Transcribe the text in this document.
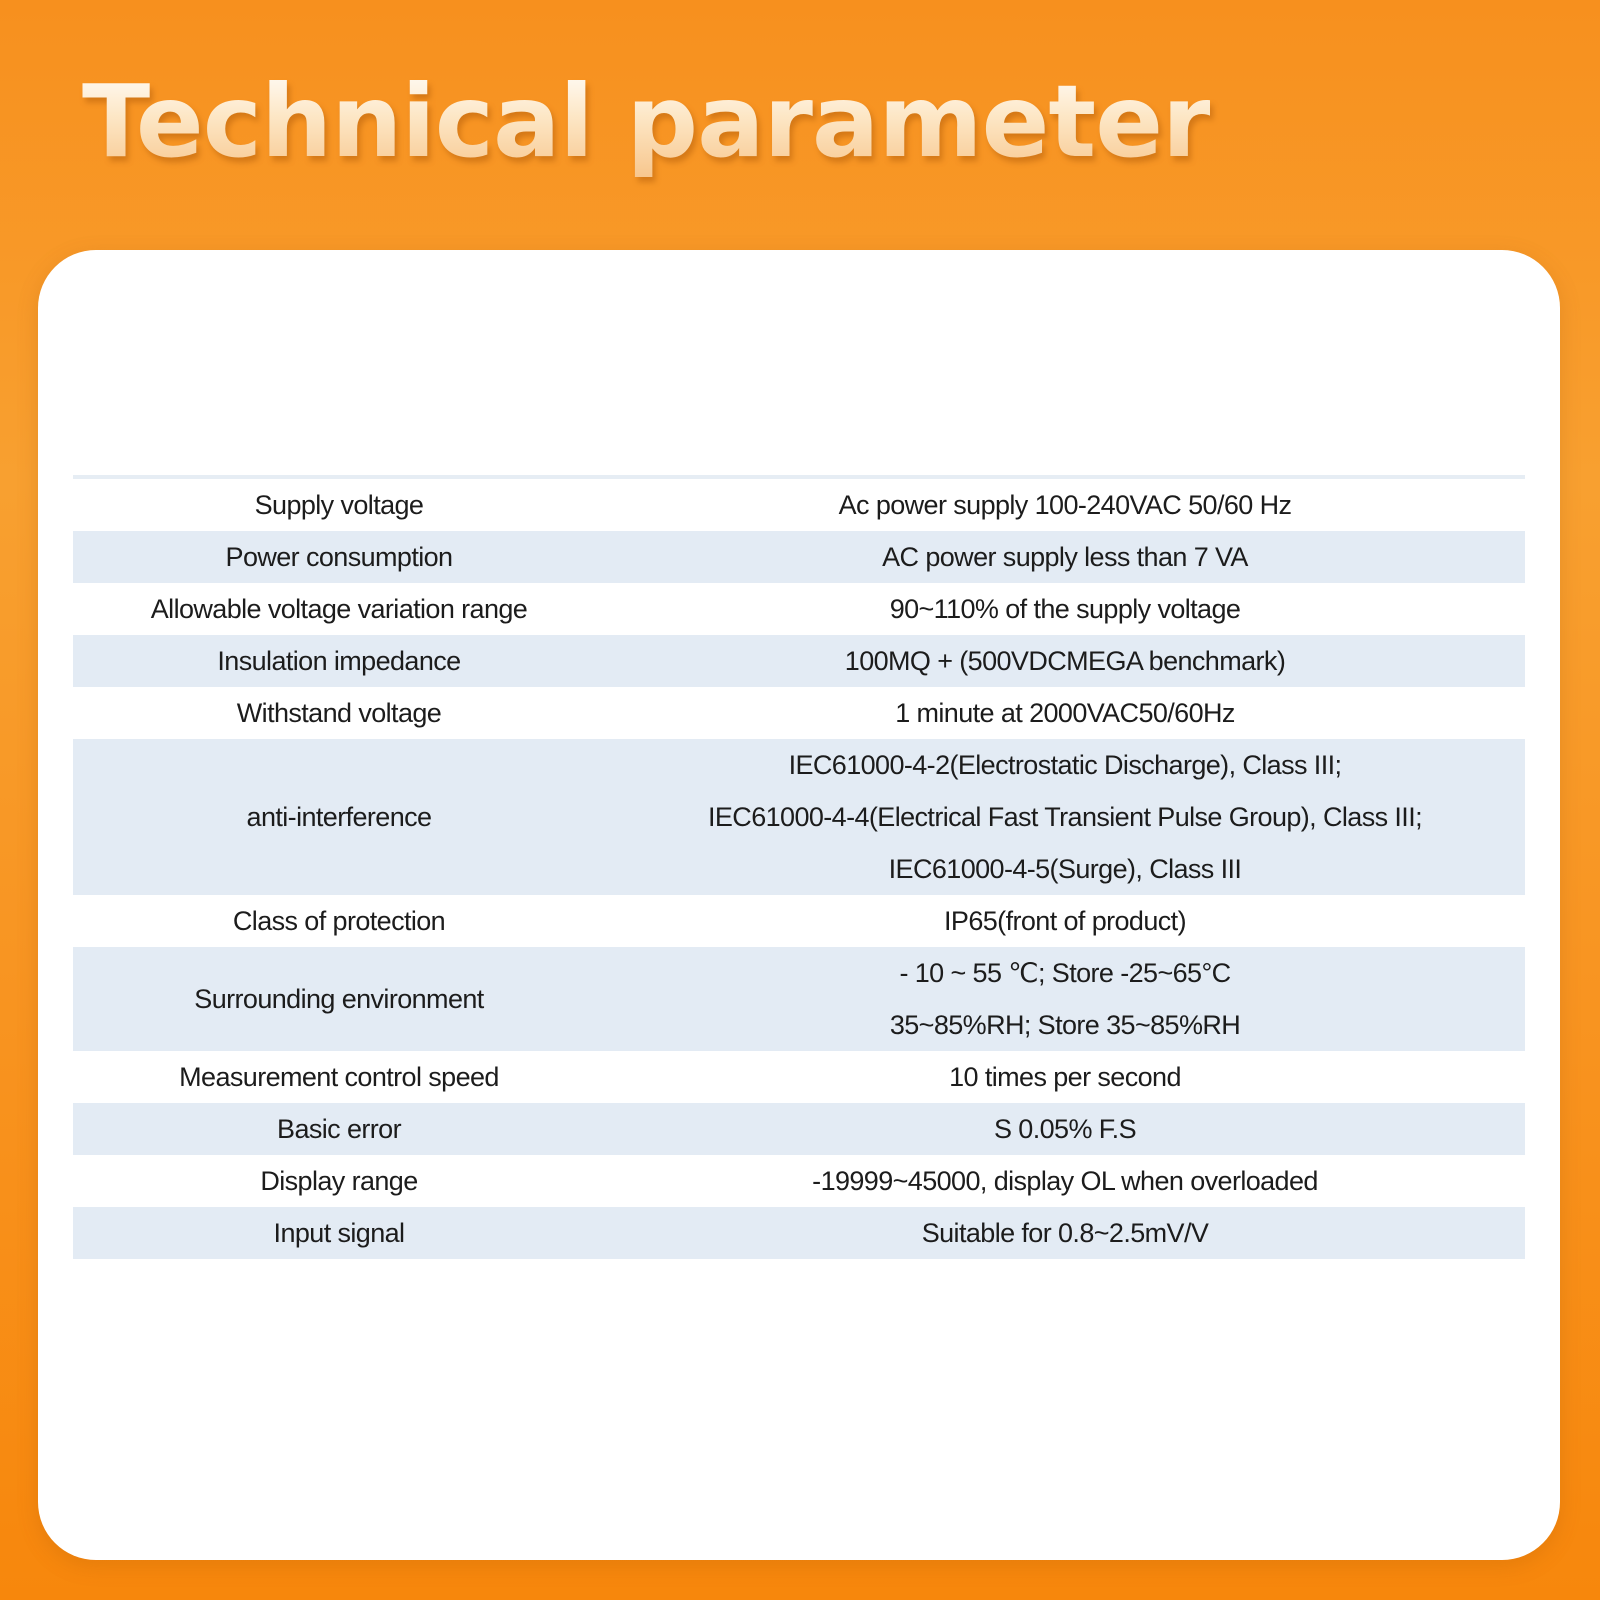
Technical parameter
Supply voltage	Ac power supply 100-240VAC 50/60 Hz

Power consumption	AC power supply less than 7 VA

Allowable voltage variation range	90~110% of the supply voltage

Insulation impedance	100MQ + (500VDCMEGA benchmark)

Withstand voltage	1 minute at 2000VAC50/60Hz

anti-interference	IEC61000-4-2(Electrostatic Discharge), Class III;
IEC61000-4-4(Electrical Fast Transient Pulse Group), Class III;
IEC61000-4-5(Surge), Class III

Class of protection	IP65(front of product)

Surrounding environment	- 10 ~ 55 ℃; Store -25~65°C
35~85%RH; Store 35~85%RH

Measurement control speed	10 times per second

Basic error	S 0.05% F.S

Display range	-19999~45000, display OL when overloaded

Input signal	Suitable for 0.8~2.5mV/V
